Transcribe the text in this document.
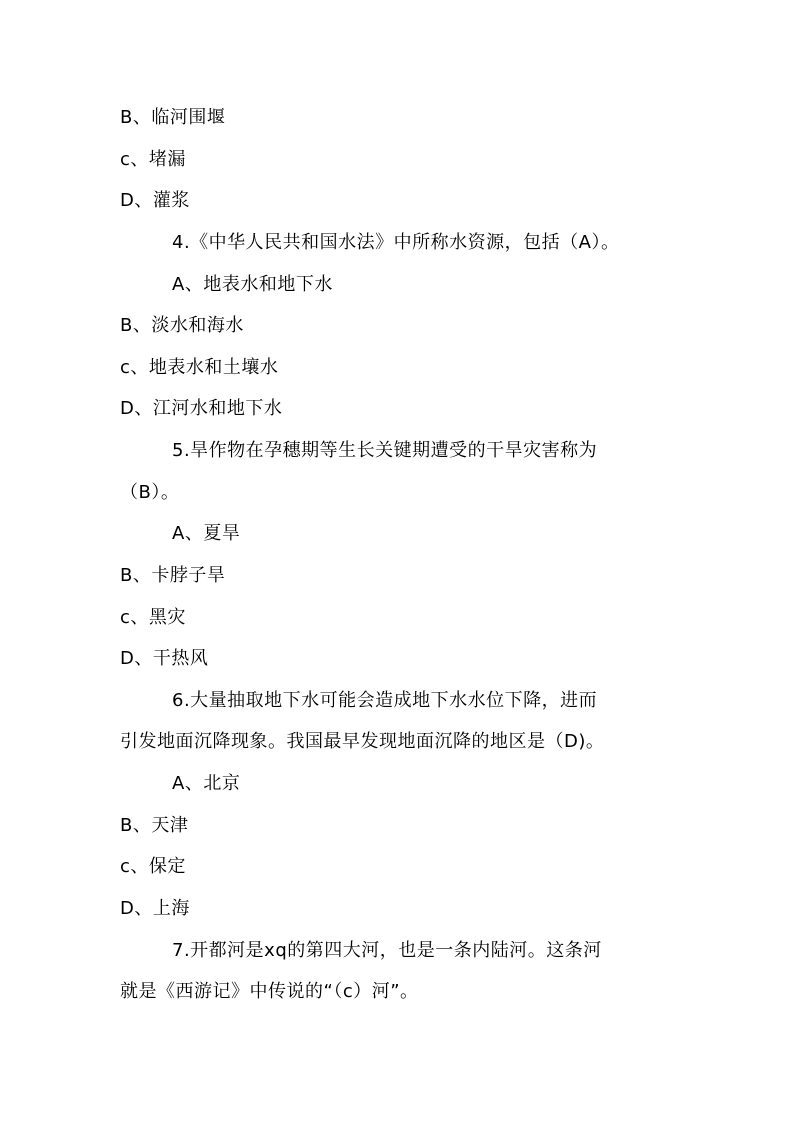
B、临河围堰
c、堵漏
D、灌浆
4.《中华人民共和国水法》中所称水资源，包括（A）。
A、地表水和地下水
B、淡水和海水
c、地表水和土壤水
D、江河水和地下水
5.旱作物在孕穗期等生长关键期遭受的干旱灾害称为
（B）。
A、夏旱
B、卡脖子旱
c、黑灾
D、干热风
6.大量抽取地下水可能会造成地下水水位下降，进而
引发地面沉降现象。我国最早发现地面沉降的地区是（D)。
A、北京
B、天津
c、保定
D、上海
7.开都河是xq的第四大河，也是一条内陆河。这条河
就是《西游记》中传说的“（c）河”。
